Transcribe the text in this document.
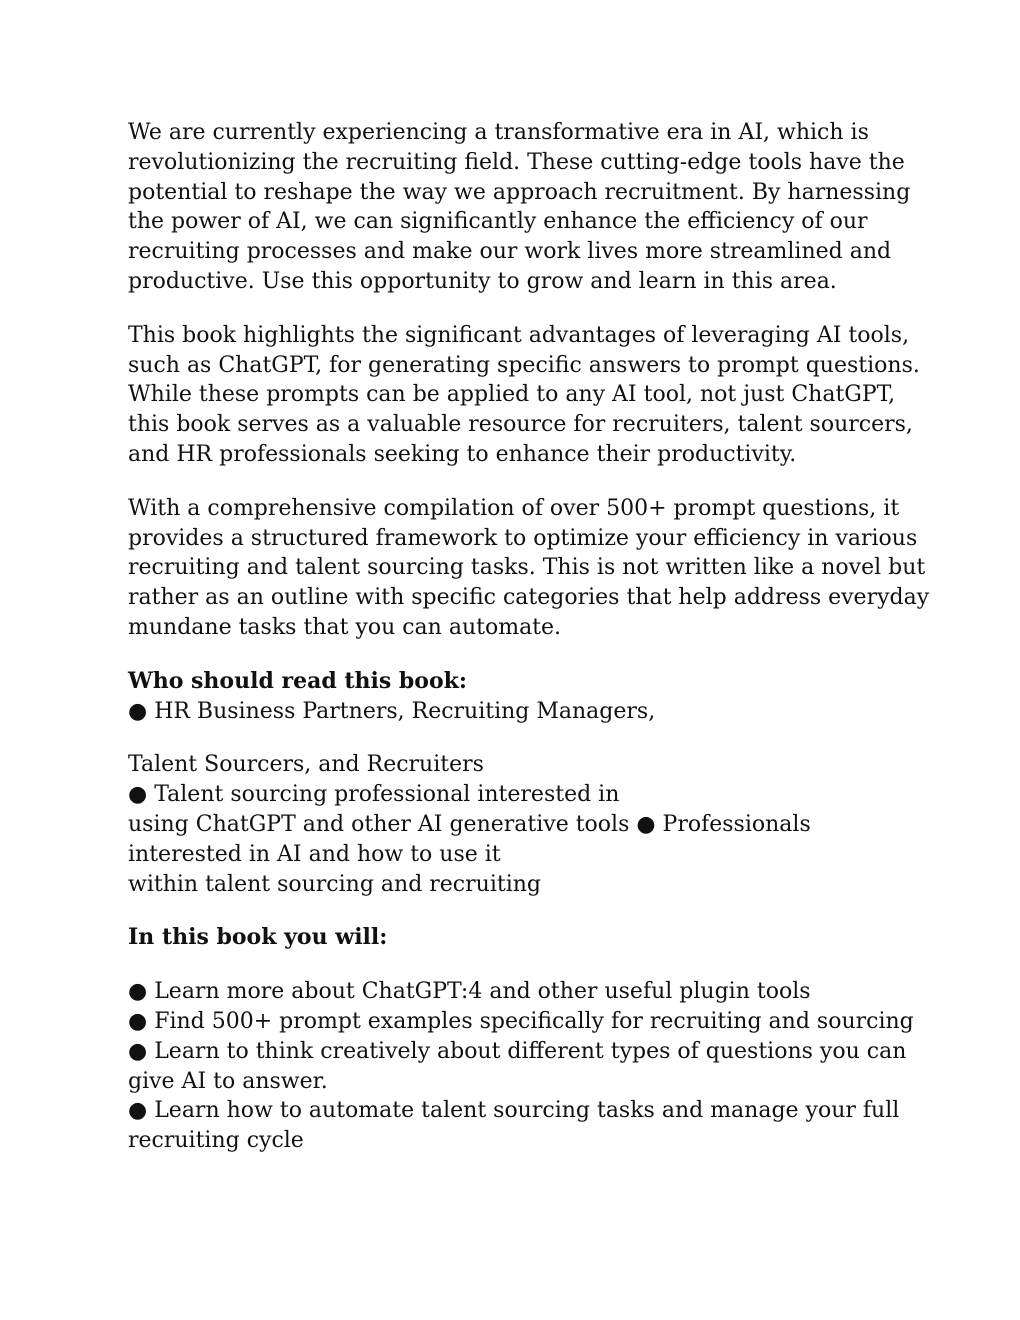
We are currently experiencing a transformative era in AI, which is
revolutionizing the recruiting field. These cutting-edge tools have the
potential to reshape the way we approach recruitment. By harnessing
the power of AI, we can significantly enhance the efficiency of our
recruiting processes and make our work lives more streamlined and
productive. Use this opportunity to grow and learn in this area.
This book highlights the significant advantages of leveraging AI tools,
such as ChatGPT, for generating specific answers to prompt questions.
While these prompts can be applied to any AI tool, not just ChatGPT,
this book serves as a valuable resource for recruiters, talent sourcers,
and HR professionals seeking to enhance their productivity.
With a comprehensive compilation of over 500+ prompt questions, it
provides a structured framework to optimize your efficiency in various
recruiting and talent sourcing tasks. This is not written like a novel but
rather as an outline with specific categories that help address everyday
mundane tasks that you can automate.
Who should read this book:
● HR Business Partners, Recruiting Managers,
Talent Sourcers, and Recruiters
● Talent sourcing professional interested in
using ChatGPT and other AI generative tools ● Professionals
interested in AI and how to use it
within talent sourcing and recruiting
In this book you will:
● Learn more about ChatGPT:4 and other useful plugin tools
● Find 500+ prompt examples specifically for recruiting and sourcing
● Learn to think creatively about different types of questions you can
give AI to answer.
● Learn how to automate talent sourcing tasks and manage your full
recruiting cycle
